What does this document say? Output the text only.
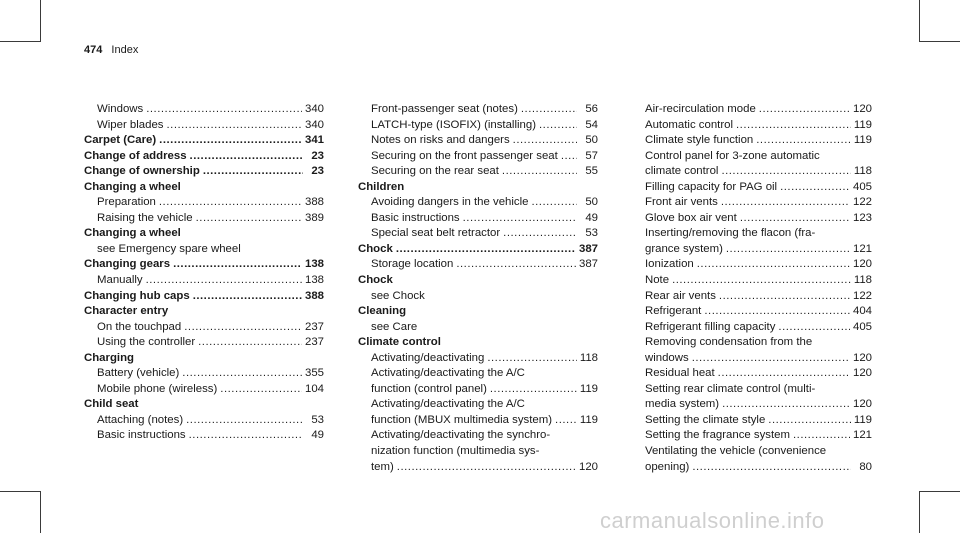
474 Index
Windows .....	340
Wiper blades .....	340
Carpet (Care) .....	341
Change of address .....	23
Change of ownership .....	23
Changing a wheel
Preparation .....	388
Raising the vehicle .....	389
Changing a wheel
see Emergency spare wheel
Changing gears .....	138
Manually .....	138
Changing hub caps .....	388
Character entry
On the touchpad .....	237
Using the controller .....	237
Charging
Battery (vehicle) .....	355
Mobile phone (wireless) .....	104
Child seat
Attaching (notes) .....	53
Basic instructions .....	49
Front-passenger seat (notes) .....	56
LATCH-type (ISOFIX) (installing) .....	54
Notes on risks and dangers .....	50
Securing on the front passenger seat .....	57
Securing on the rear seat .....	55
Children
Avoiding dangers in the vehicle .....	50
Basic instructions .....	49
Special seat belt retractor .....	53
Chock .....	387
Storage location .....	387
Chock
see Chock
Cleaning
see Care
Climate control
Activating/deactivating .....	118
Activating/deactivating the A/C
function (control panel) .....	119
Activating/deactivating the A/C
function (MBUX multimedia system) ..... 119
Activating/deactivating the synchro-
nization function (multimedia sys-
tem) .....	120
Air-recirculation mode .....	120
Automatic control .....	119
Climate style function .....	119
Control panel for 3-zone automatic
climate control .....	118
Filling capacity for PAG oil .....	405
Front air vents .....	122
Glove box air vent .....	123
Inserting/removing the flacon (fra-
grance system) .....	121
Ionization .....	120
Note .....	118
Rear air vents .....	122
Refrigerant .....	404
Refrigerant filling capacity .....	405
Removing condensation from the
windows .....	120
Residual heat .....	120
Setting rear climate control (multi-
media system) .....	120
Setting the climate style .....	119
Setting the fragrance system .....	121
Ventilating the vehicle (convenience
opening) .....	80
carmanualsonline.info
